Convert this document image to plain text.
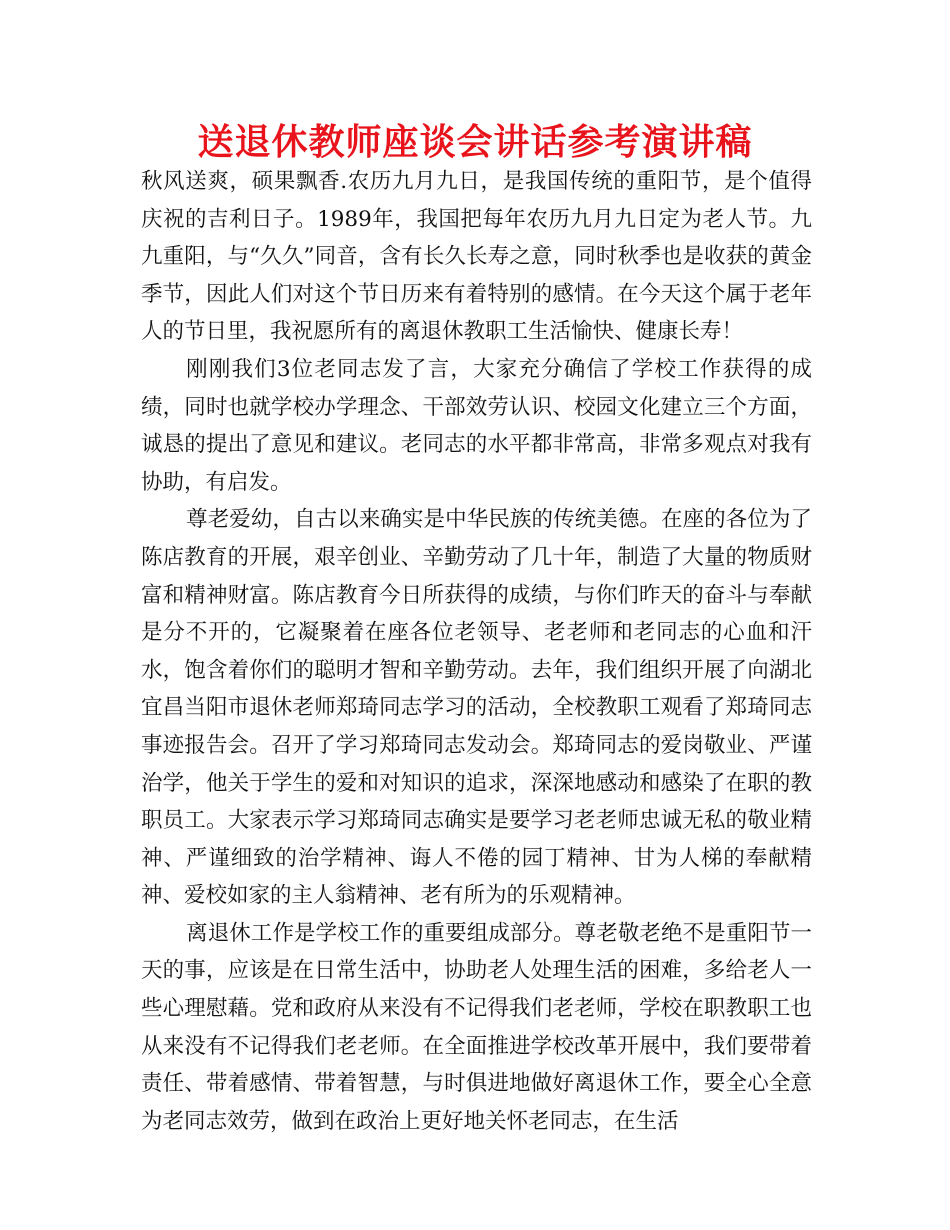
送退休教师座谈会讲话参考演讲稿

秋风送爽，硕果飘香.农历九月九日，是我国传统的重阳节，是个值得庆祝的吉利日子。1989年，我国把每年农历九月九日定为老人节。九九重阳，与“久久”同音，含有长久长寿之意，同时秋季也是收获的黄金季节，因此人们对这个节日历来有着特别的感情。在今天这个属于老年人的节日里，我祝愿所有的离退休教职工生活愉快、健康长寿！

刚刚我们3位老同志发了言，大家充分确信了学校工作获得的成绩，同时也就学校办学理念、干部效劳认识、校园文化建立三个方面，诚恳的提出了意见和建议。老同志的水平都非常高，非常多观点对我有协助，有启发。

尊老爱幼，自古以来确实是中华民族的传统美德。在座的各位为了陈店教育的开展，艰辛创业、辛勤劳动了几十年，制造了大量的物质财富和精神财富。陈店教育今日所获得的成绩，与你们昨天的奋斗与奉献是分不开的，它凝聚着在座各位老领导、老老师和老同志的心血和汗水，饱含着你们的聪明才智和辛勤劳动。去年，我们组织开展了向湖北宜昌当阳市退休老师郑琦同志学习的活动，全校教职工观看了郑琦同志事迹报告会。召开了学习郑琦同志发动会。郑琦同志的爱岗敬业、严谨治学，他关于学生的爱和对知识的追求，深深地感动和感染了在职的教职员工。大家表示学习郑琦同志确实是要学习老老师忠诚无私的敬业精神、严谨细致的治学精神、诲人不倦的园丁精神、甘为人梯的奉献精神、爱校如家的主人翁精神、老有所为的乐观精神。

离退休工作是学校工作的重要组成部分。尊老敬老绝不是重阳节一天的事，应该是在日常生活中，协助老人处理生活的困难，多给老人一些心理慰藉。党和政府从来没有不记得我们老老师，学校在职教职工也从来没有不记得我们老老师。在全面推进学校改革开展中，我们要带着责任、带着感情、带着智慧，与时俱进地做好离退休工作，要全心全意为老同志效劳，做到在政治上更好地关怀老同志，在生活
